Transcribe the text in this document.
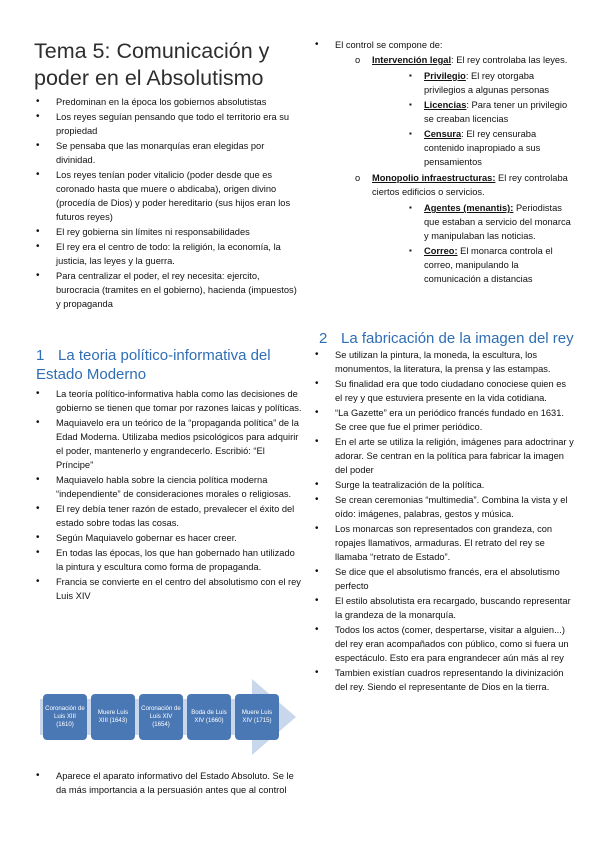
Tema 5: Comunicación y poder en el Absolutismo
• Predominan en la época los gobiernos absolutistas
• Los reyes seguían pensando que todo el territorio era su propiedad
• Se pensaba que las monarquías eran elegidas por divinidad.
• Los reyes tenían poder vitalicio (poder desde que es coronado hasta que muere o abdicaba), origen divino (procedía de Dios) y poder hereditario (sus hijos eran los futuros reyes)
• El rey gobierna sin límites ni responsabilidades
• El rey era el centro de todo: la religión, la economía, la justicia, las leyes y la guerra.
• Para centralizar el poder, el rey necesita: ejercito, burocracia (tramites en el gobierno), hacienda (impuestos) y propaganda
1 La teoria político-informativa del Estado Moderno
• La teoría político-informativa habla como las decisiones de gobierno se tienen que tomar por razones laicas y políticas.
• Maquiavelo era un teórico de la “propaganda política” de la Edad Moderna. Utilizaba medios psicológicos para adquirir el poder, mantenerlo y engrandecerlo. Escribió: “El Príncipe”
• Maquiavelo habla sobre la ciencia política moderna “independiente” de consideraciones morales o religiosas.
• El rey debía tener razón de estado, prevalecer el éxito del estado sobre todas las cosas.
• Según Maquiavelo gobernar es hacer creer.
• En todas las épocas, los que han gobernado han utilizado la pintura y escultura como forma de propaganda.
• Francia se convierte en el centro del absolutismo con el rey Luis XIV
Coronación de Luis XIII (1610)
Muere Luis XIII (1643)
Coronación de Luis XIV (1654)
Boda de Luis XIV (1660)
Muere Luis XIV (1715)
• Aparece el aparato informativo del Estado Absoluto. Se le da más importancia a la persuasión antes que al control
• El control se compone de:
o Intervención legal: El rey controlaba las leyes.
▪ Privilegio: El rey otorgaba privilegios a algunas personas
▪ Licencias: Para tener un privilegio se creaban licencias
▪ Censura: El rey censuraba contenido inapropiado a sus pensamientos
o Monopolio infraestructuras: El rey controlaba ciertos edificios o servicios.
▪ Agentes (menantis): Periodistas que estaban a servicio del monarca y manipulaban las noticias.
▪ Correo: El monarca controla el correo, manipulando la comunicación a distancias
2 La fabricación de la imagen del rey
• Se utilizan la pintura, la moneda, la escultura, los monumentos, la literatura, la prensa y las estampas.
• Su finalidad era que todo ciudadano conociese quien es el rey y que estuviera presente en la vida cotidiana.
• “La Gazette” era un periódico francés fundado en 1631. Se cree que fue el primer periódico.
• En el arte se utiliza la religión, imágenes para adoctrinar y adorar. Se centran en la política para fabricar la imagen del poder
• Surge la teatralización de la política.
• Se crean ceremonias “multimedia”. Combina la vista y el oído: imágenes, palabras, gestos y música.
• Los monarcas son representados con grandeza, con ropajes llamativos, armaduras. El retrato del rey se llamaba “retrato de Estado”.
• Se dice que el absolutismo francés, era el absolutismo perfecto
• El estilo absolutista era recargado, buscando representar la grandeza de la monarquía.
• Todos los actos (comer, despertarse, visitar a alguien...) del rey eran acompañados con público, como si fuera un espectáculo. Esto era para engrandecer aún más al rey
• Tambien existían cuadros representando la divinización del rey. Siendo el representante de Dios en la tierra.
